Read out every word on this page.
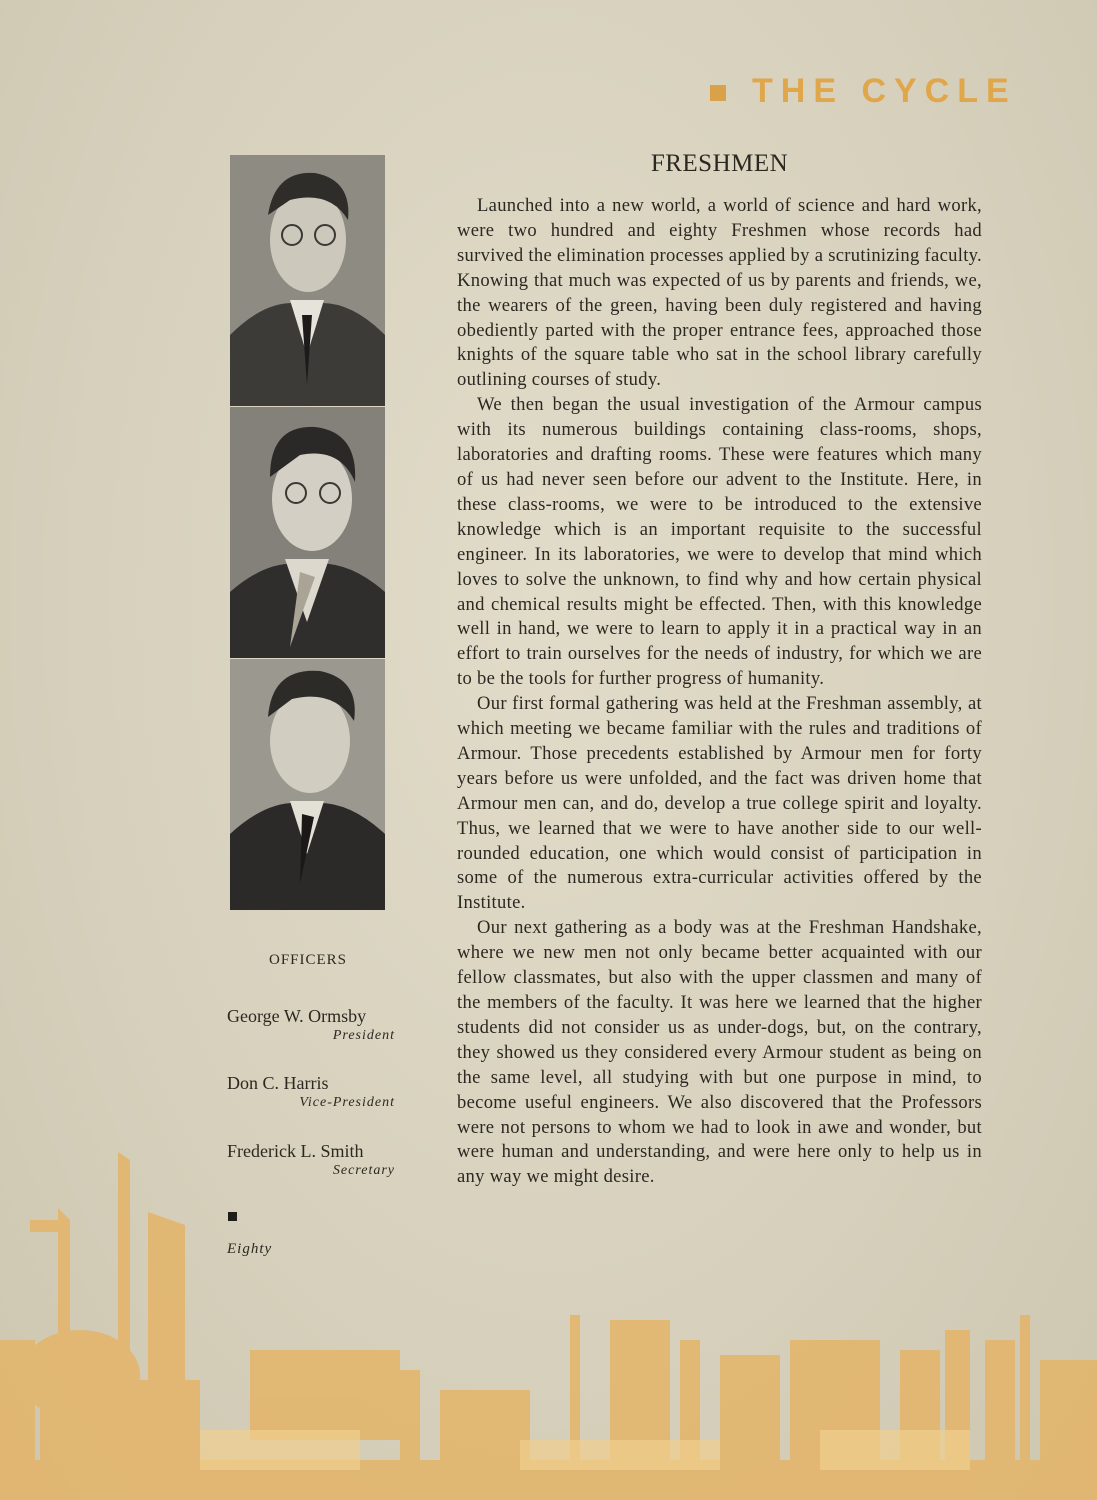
THE CYCLE
OFFICERS
George W. Ormsby
President
Don C. Harris
Vice-President
Frederick L. Smith
Secretary
Eighty
FRESHMEN

Launched into a new world, a world of science and hard work, were two hundred and eighty Freshmen whose records had survived the elimination processes applied by a scrutinizing faculty. Knowing that much was expected of us by parents and friends, we, the wearers of the green, having been duly registered and having obediently parted with the proper entrance fees, approached those knights of the square table who sat in the school library carefully outlining courses of study.

We then began the usual investigation of the Armour campus with its numerous buildings containing class-rooms, shops, laboratories and drafting rooms. These were features which many of us had never seen before our advent to the Institute. Here, in these class-rooms, we were to be introduced to the extensive knowledge which is an important requisite to the successful engineer. In its laboratories, we were to develop that mind which loves to solve the unknown, to find why and how certain physical and chemical results might be effected. Then, with this knowledge well in hand, we were to learn to apply it in a practical way in an effort to train ourselves for the needs of industry, for which we are to be the tools for further progress of humanity.

Our first formal gathering was held at the Freshman assembly, at which meeting we became familiar with the rules and traditions of Armour. Those precedents established by Armour men for forty years before us were unfolded, and the fact was driven home that Armour men can, and do, develop a true college spirit and loyalty. Thus, we learned that we were to have another side to our well-rounded education, one which would consist of participation in some of the numerous extra-curricular activities offered by the Institute.

Our next gathering as a body was at the Freshman Handshake, where we new men not only became better acquainted with our fellow classmates, but also with the upper classmen and many of the members of the faculty. It was here we learned that the higher students did not consider us as under-dogs, but, on the contrary, they showed us they considered every Armour student as being on the same level, all studying with but one purpose in mind, to become useful engineers. We also discovered that the Professors were not persons to whom we had to look in awe and wonder, but were human and understanding, and were here only to help us in any way we might desire.
